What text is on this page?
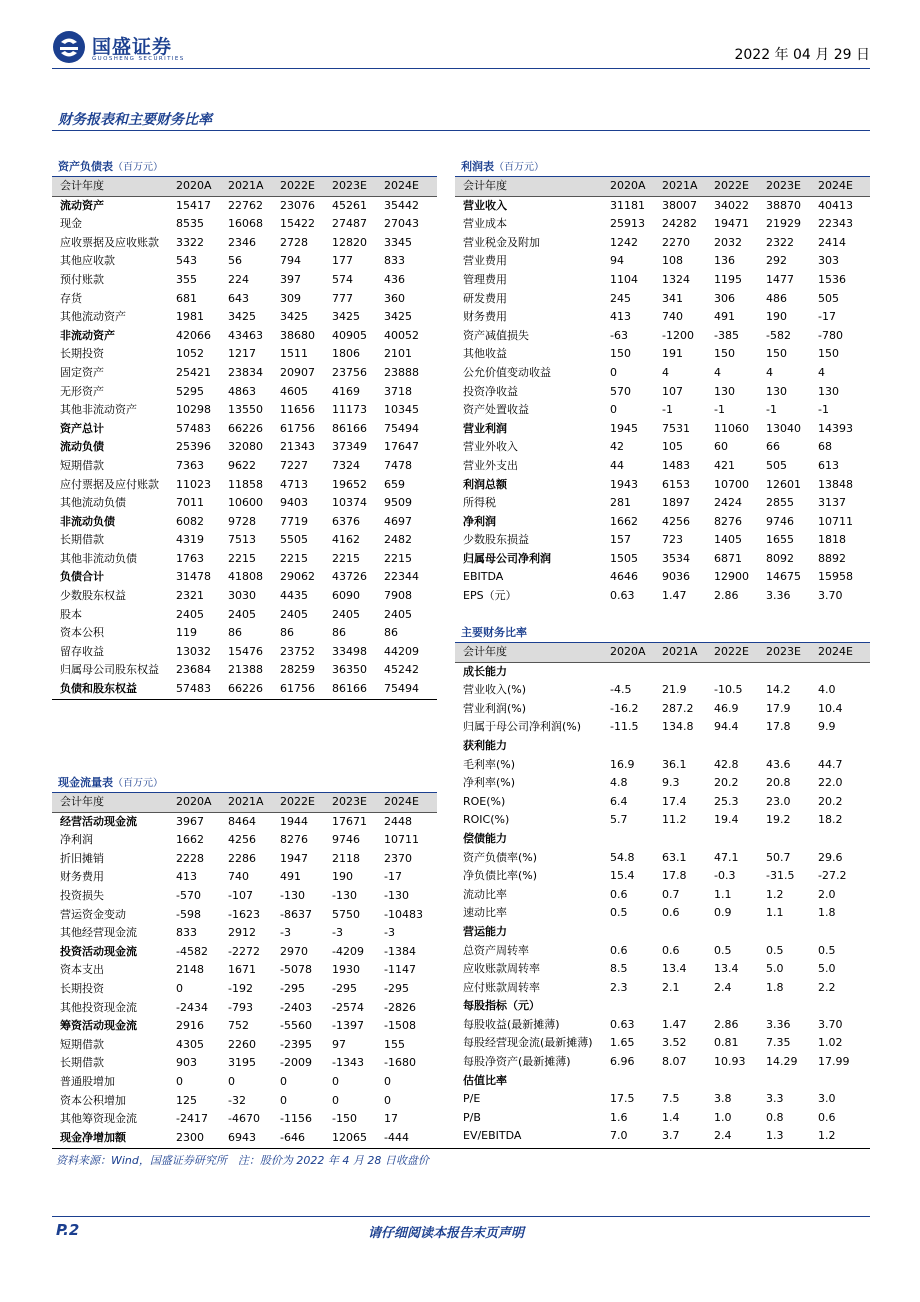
国盛证券
GUOSHENG SECURITIES	2022 年 04 月 29 日
财务报表和主要财务比率
资产负债表（百万元）
会计年度	2020A 2021A 2022E 2023E 2024E
流动资产	15417 22762 23076 45261 35442
现金	8535 16068 15422 27487 27043
应收票据及应收账款 3322 2346 2728 12820 3345
其他应收款	543	56	794	177	833
预付账款	355	224	397	574	436
存货	681	643	309	777	360
其他流动资产	1981 3425 3425 3425 3425
非流动资产	42066 43463 38680 40905 40052
长期投资	1052 1217 1511 1806 2101
固定资产	25421 23834 20907 23756 23888
无形资产	5295 4863 4605 4169 3718
其他非流动资产	10298 13550 11656 11173 10345
资产总计	57483 66226 61756 86166 75494
流动负债	25396 32080 21343 37349 17647
短期借款	7363 9622 7227 7324 7478
应付票据及应付账款 11023 11858 4713 19652 659
其他流动负债	7011 10600 9403 10374 9509
非流动负债	6082 9728 7719 6376 4697
长期借款	4319 7513 5505 4162 2482
其他非流动负债	1763 2215 2215 2215 2215
负债合计	31478 41808 29062 43726 22344
少数股东权益	2321 3030 4435 6090 7908
股本	2405 2405 2405 2405 2405
资本公积	119	86	86	86	86
留存收益	13032 15476 23752 33498 44209
归属母公司股东权益 23684 21388 28259 36350 45242
负债和股东权益	57483 66226 61756 86166 75494
利润表（百万元）
会计年度	2020A 2021A 2022E 2023E 2024E
营业收入	31181 38007 34022 38870 40413
营业成本	25913 24282 19471 21929 22343
营业税金及附加	1242 2270 2032 2322 2414
营业费用	94	108	136	292	303
管理费用	1104 1324 1195 1477 1536
研发费用	245	341	306	486	505
财务费用	413	740	491	190	-17
资产减值损失	-63	-1200 -385 -582 -780
其他收益	150	191	150	150	150
公允价值变动收益	0	4	4	4	4
投资净收益	570	107	130	130	130
资产处置收益	0	-1	-1	-1	-1
营业利润	1945 7531 11060 13040 14393
营业外收入	42	105	60	66	68
营业外支出	44	1483 421	505	613
利润总额	1943 6153 10700 12601 13848
所得税	281	1897 2424 2855 3137
净利润	1662 4256 8276 9746 10711
少数股东损益	157	723	1405 1655 1818
归属母公司净利润	1505 3534 6871 8092 8892
EBITDA	4646 9036 12900 14675 15958
EPS（元）	0.63	1.47	2.86	3.36	3.70
主要财务比率
会计年度	2020A 2021A 2022E 2023E 2024E
成长能力
营业收入(%)	-4.5	21.9	-10.5 14.2	4.0
营业利润(%)	-16.2 287.2 46.9	17.9	10.4
归属于母公司净利润(%)	-11.5 134.8 94.4	17.8	9.9
获利能力
毛利率(%)	16.9	36.1	42.8	43.6	44.7
净利率(%)	4.8	9.3	20.2	20.8	22.0
ROE(%)	6.4	17.4	25.3	23.0	20.2
ROIC(%)	5.7	11.2	19.4	19.2	18.2
偿债能力
资产负债率(%)	54.8	63.1	47.1	50.7	29.6
净负债比率(%)	15.4	17.8	-0.3	-31.5 -27.2
流动比率	0.6	0.7	1.1	1.2	2.0
速动比率	0.5	0.6	0.9	1.1	1.8
营运能力
总资产周转率	0.6	0.6	0.5	0.5	0.5
应收账款周转率	8.5	13.4	13.4	5.0	5.0
应付账款周转率	2.3	2.1	2.4	1.8	2.2
每股指标（元）
每股收益(最新摊薄)	0.63	1.47	2.86	3.36	3.70
每股经营现金流(最新摊薄) 1.65	3.52	0.81	7.35	1.02
每股净资产(最新摊薄)	6.96	8.07	10.93 14.29 17.99
估值比率
P/E	17.5	7.5	3.8	3.3	3.0
P/B	1.6	1.4	1.0	0.8	0.6
EV/EBITDA	7.0	3.7	2.4	1.3	1.2
现金流量表（百万元）
会计年度	2020A 2021A 2022E 2023E 2024E
经营活动现金流	3967 8464 1944 17671 2448
净利润	1662 4256 8276 9746 10711
折旧摊销	2228 2286 1947 2118 2370
财务费用	413	740	491	190	-17
投资损失	-570 -107 -130 -130 -130
营运资金变动	-598 -1623 -8637 5750 -10483
其他经营现金流	833	2912 -3	-3	-3
投资活动现金流	-4582 -2272 2970 -4209 -1384
资本支出	2148 1671 -5078 1930 -1147
长期投资	0	-192 -295 -295 -295
其他投资现金流	-2434 -793 -2403 -2574 -2826
筹资活动现金流	2916 752	-5560 -1397 -1508
短期借款	4305 2260 -2395 97	155
长期借款	903	3195 -2009 -1343 -1680
普通股增加	0	0	0	0	0
资本公积增加	125	-32	0	0	0
其他筹资现金流	-2417 -4670 -1156 -150 17
现金净增加额	2300 6943 -646 12065 -444
资料来源：Wind，国盛证券研究所　注：股价为 2022 年 4 月 28 日收盘价
P.2	请仔细阅读本报告末页声明
